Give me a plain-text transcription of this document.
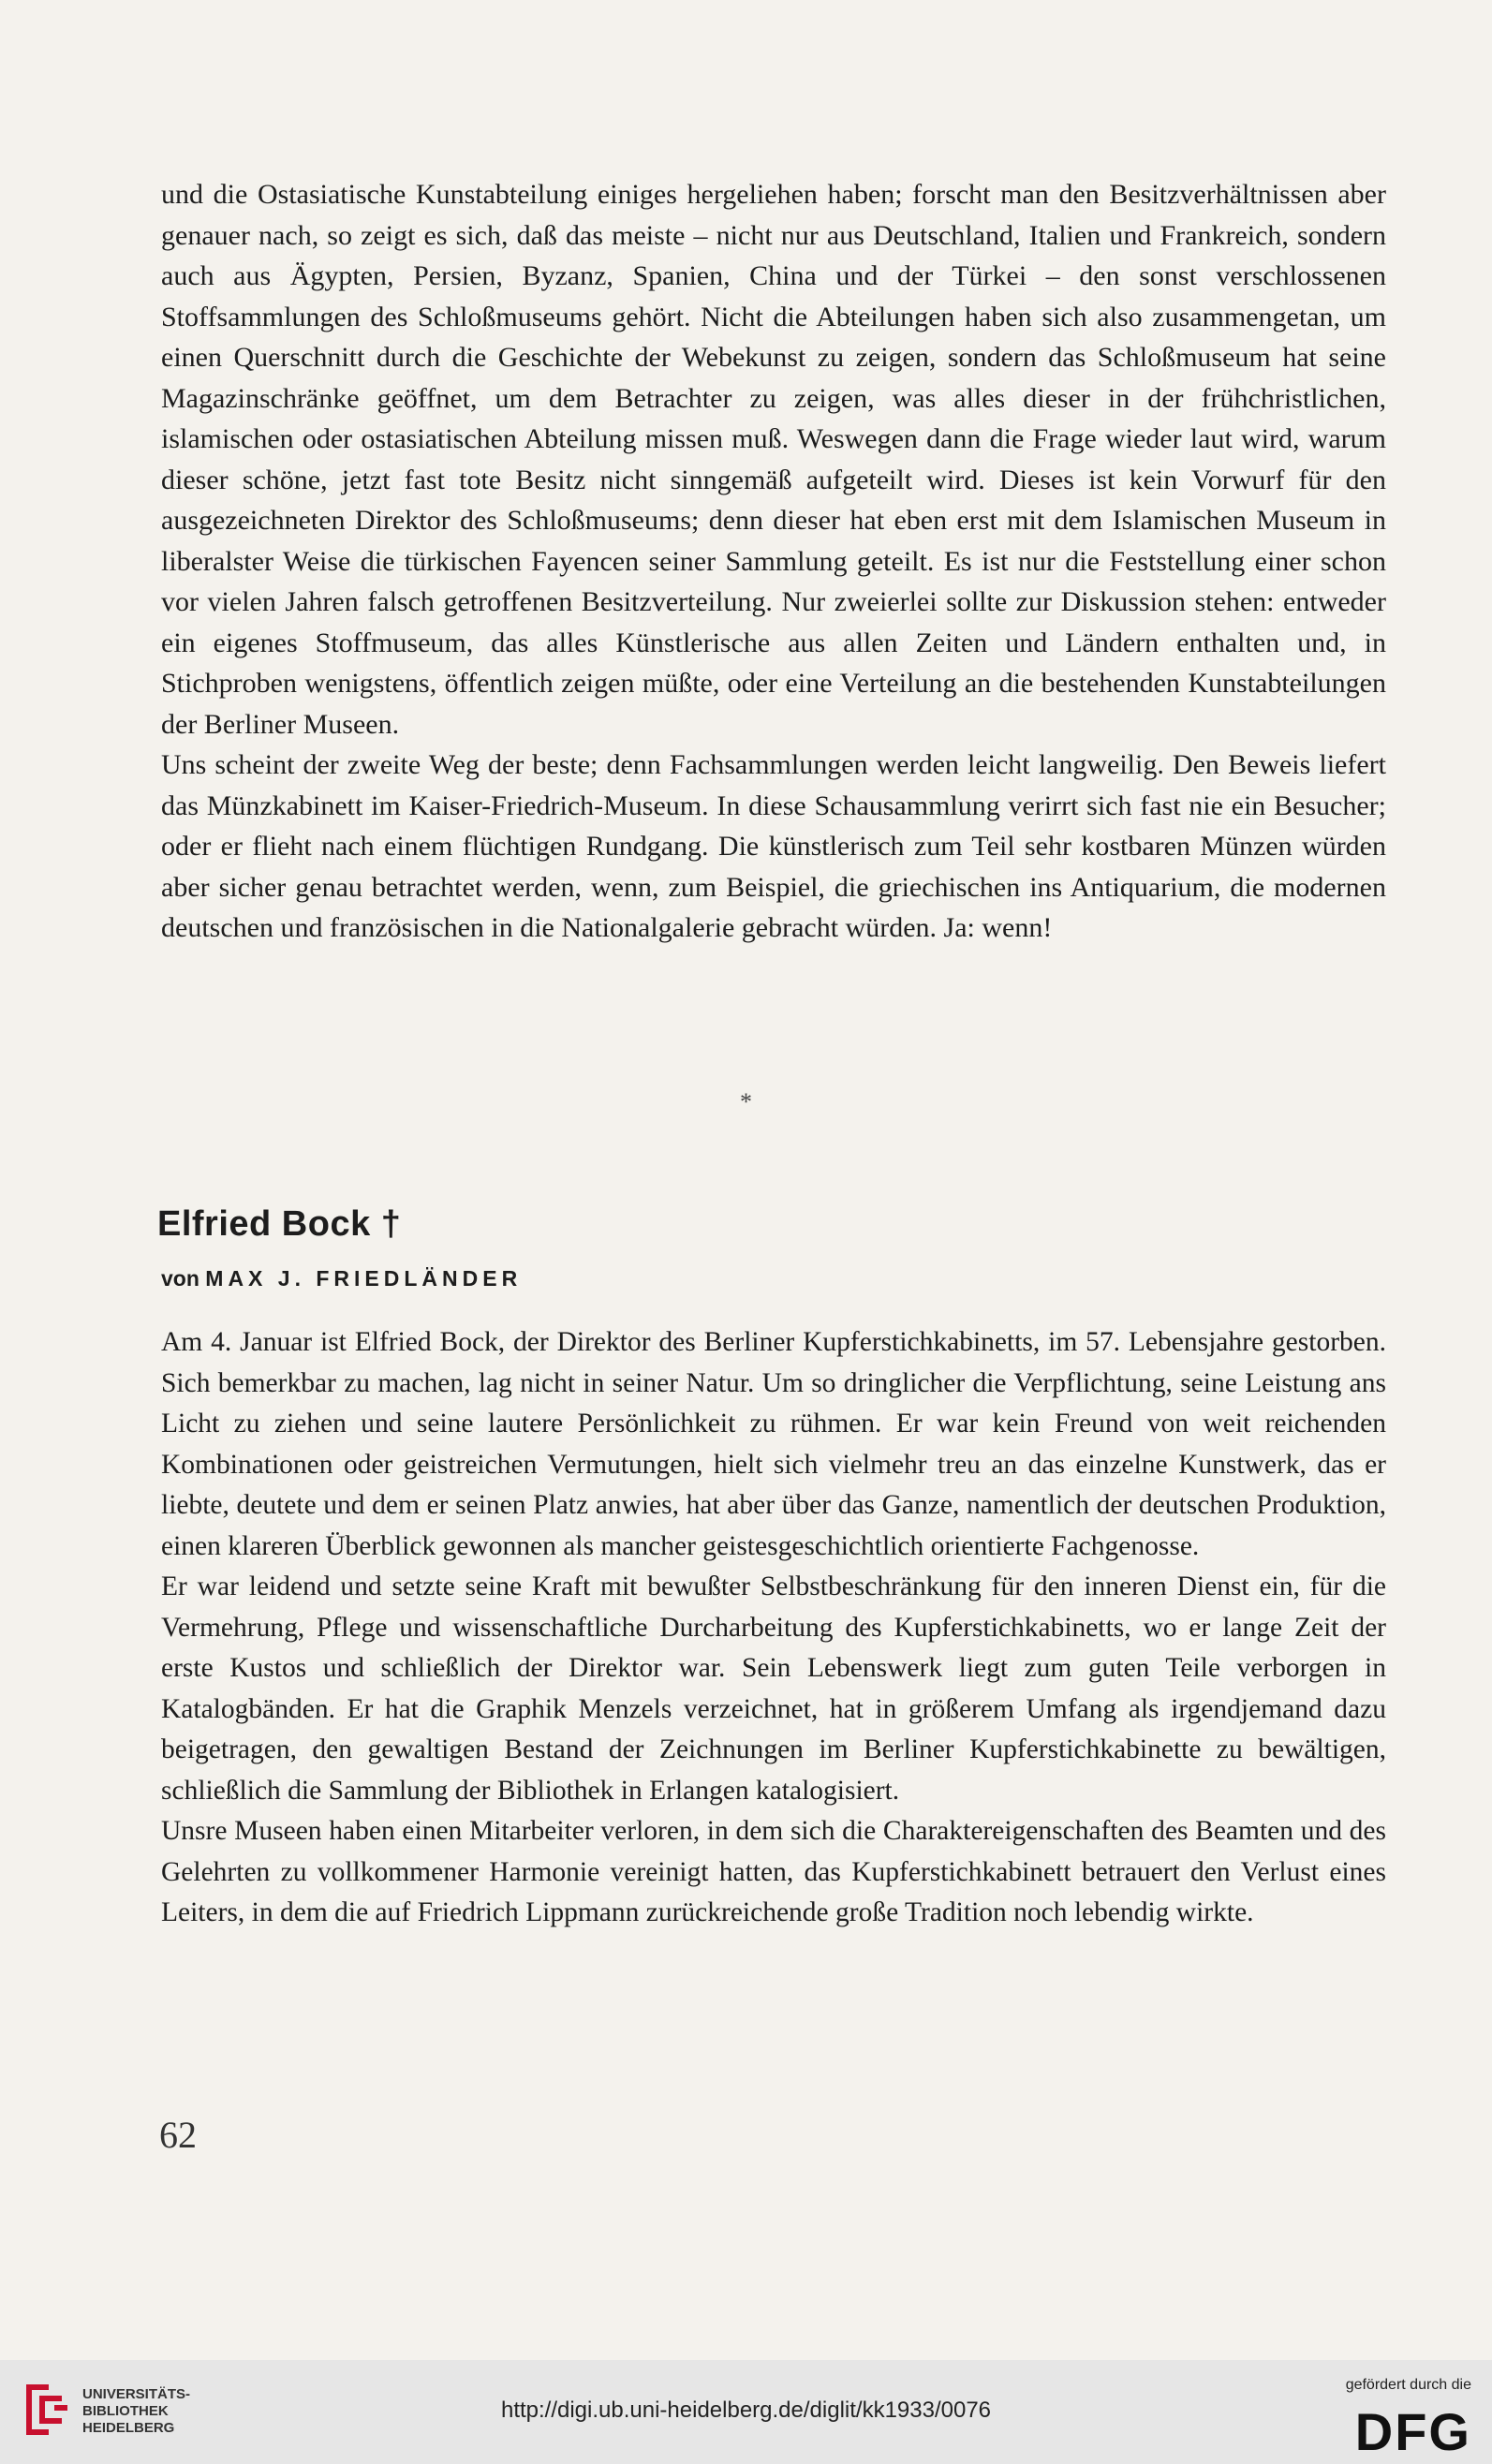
und die Ostasiatische Kunstabteilung einiges hergeliehen haben; forscht man den Besitzverhältnissen aber genauer nach, so zeigt es sich, daß das meiste – nicht nur aus Deutschland, Italien und Frankreich, sondern auch aus Ägypten, Persien, Byzanz, Spanien, China und der Türkei – den sonst verschlossenen Stoffsammlungen des Schloßmuseums gehört. Nicht die Abteilungen haben sich also zusammengetan, um einen Querschnitt durch die Geschichte der Webekunst zu zeigen, sondern das Schloßmuseum hat seine Magazinschränke geöffnet, um dem Betrachter zu zeigen, was alles dieser in der frühchristlichen, islamischen oder ostasiatischen Abteilung missen muß. Weswegen dann die Frage wieder laut wird, warum dieser schöne, jetzt fast tote Besitz nicht sinngemäß aufgeteilt wird. Dieses ist kein Vorwurf für den ausgezeichneten Direktor des Schloßmuseums; denn dieser hat eben erst mit dem Islamischen Museum in liberalster Weise die türkischen Fayencen seiner Sammlung geteilt. Es ist nur die Feststellung einer schon vor vielen Jahren falsch getroffenen Besitzverteilung. Nur zweierlei sollte zur Diskussion stehen: entweder ein eigenes Stoffmuseum, das alles Künstlerische aus allen Zeiten und Ländern enthalten und, in Stichproben wenigstens, öffentlich zeigen müßte, oder eine Verteilung an die bestehenden Kunstabteilungen der Berliner Museen.

Uns scheint der zweite Weg der beste; denn Fachsammlungen werden leicht langweilig. Den Beweis liefert das Münzkabinett im Kaiser-Friedrich-Museum. In diese Schausammlung verirrt sich fast nie ein Besucher; oder er flieht nach einem flüchtigen Rundgang. Die künstlerisch zum Teil sehr kostbaren Münzen würden aber sicher genau betrachtet werden, wenn, zum Beispiel, die griechischen ins Antiquarium, die modernen deutschen und französischen in die Nationalgalerie gebracht würden. Ja: wenn!

*
Elfried Bock †
von MAX J. FRIEDLÄNDER

Am 4. Januar ist Elfried Bock, der Direktor des Berliner Kupferstichkabinetts, im 57. Lebensjahre gestorben. Sich bemerkbar zu machen, lag nicht in seiner Natur. Um so dringlicher die Verpflichtung, seine Leistung ans Licht zu ziehen und seine lautere Persönlichkeit zu rühmen. Er war kein Freund von weit reichenden Kombinationen oder geistreichen Vermutungen, hielt sich vielmehr treu an das einzelne Kunstwerk, das er liebte, deutete und dem er seinen Platz anwies, hat aber über das Ganze, namentlich der deutschen Produktion, einen klareren Überblick gewonnen als mancher geistesgeschichtlich orientierte Fachgenosse.

Er war leidend und setzte seine Kraft mit bewußter Selbstbeschränkung für den inneren Dienst ein, für die Vermehrung, Pflege und wissenschaftliche Durcharbeitung des Kupferstichkabinetts, wo er lange Zeit der erste Kustos und schließlich der Direktor war. Sein Lebenswerk liegt zum guten Teile verborgen in Katalogbänden. Er hat die Graphik Menzels verzeichnet, hat in größerem Umfang als irgendjemand dazu beigetragen, den gewaltigen Bestand der Zeichnungen im Berliner Kupferstichkabinette zu bewältigen, schließlich die Sammlung der Bibliothek in Erlangen katalogisiert.

Unsre Museen haben einen Mitarbeiter verloren, in dem sich die Charaktereigenschaften des Beamten und des Gelehrten zu vollkommener Harmonie vereinigt hatten, das Kupferstichkabinett betrauert den Verlust eines Leiters, in dem die auf Friedrich Lippmann zurückreichende große Tradition noch lebendig wirkte.

62
UNIVERSITÄTS-
BIBLIOTHEK
HEIDELBERG
http://digi.ub.uni-heidelberg.de/diglit/kk1933/0076
gefördert durch die
DFG
